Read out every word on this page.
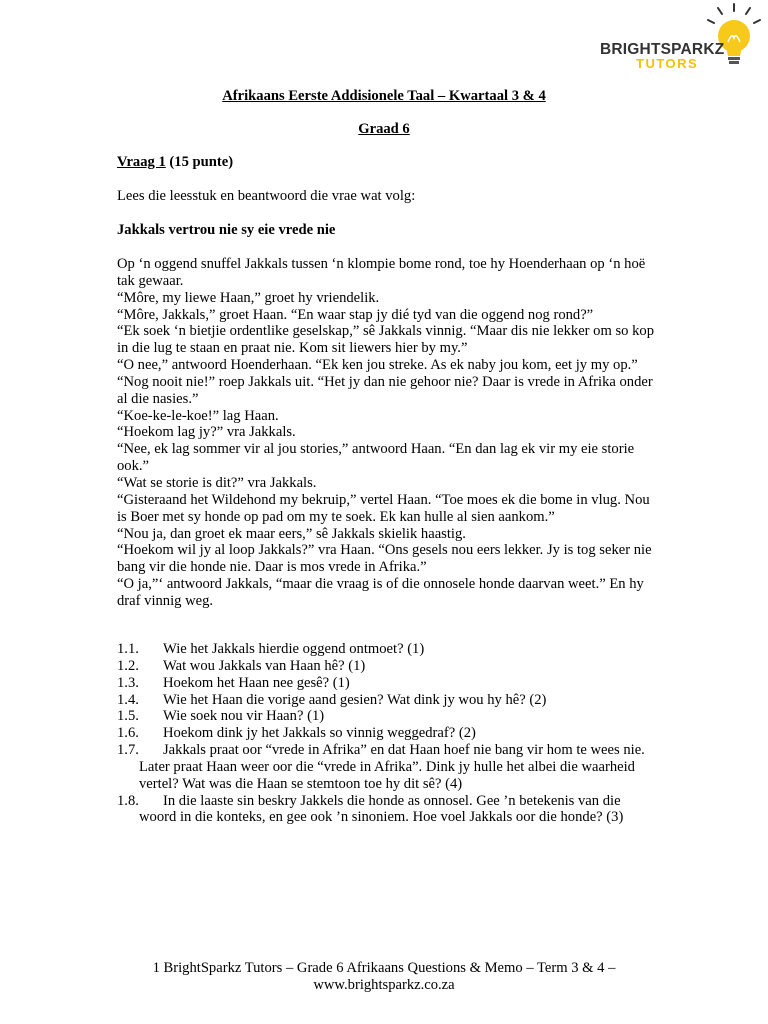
BRIGHTSPARKZ
TUTORS
Afrikaans Eerste Addisionele Taal – Kwartaal 3 & 4
Graad 6
Vraag 1 (15 punte)
Lees die leesstuk en beantwoord die vrae wat volg:
Jakkals vertrou nie sy eie vrede nie

Op ‘n oggend snuffel Jakkals tussen ‘n klompie bome rond, toe hy Hoenderhaan op ‘n hoë tak gewaar.

“Môre, my liewe Haan,” groet hy vriendelik.

“Môre, Jakkals,” groet Haan. “En waar stap jy dié tyd van die oggend nog rond?”

“Ek soek ‘n bietjie ordentlike geselskap,” sê Jakkals vinnig. “Maar dis nie lekker om so kop in die lug te staan en praat nie. Kom sit liewers hier by my.”

“O nee,” antwoord Hoenderhaan. “Ek ken jou streke. As ek naby jou kom, eet jy my op.”

“Nog nooit nie!” roep Jakkals uit. “Het jy dan nie gehoor nie? Daar is vrede in Afrika onder al die nasies.”

“Koe-ke-le-koe!” lag Haan.

“Hoekom lag jy?” vra Jakkals.

“Nee, ek lag sommer vir al jou stories,” antwoord Haan. “En dan lag ek vir my eie storie ook.”

“Wat se storie is dit?” vra Jakkals.

“Gisteraand het Wildehond my bekruip,” vertel Haan. “Toe moes ek die bome in vlug. Nou is Boer met sy honde op pad om my te soek. Ek kan hulle al sien aankom.”

“Nou ja, dan groet ek maar eers,” sê Jakkals skielik haastig.

“Hoekom wil jy al loop Jakkals?” vra Haan. “Ons gesels nou eers lekker. Jy is tog seker nie bang vir die honde nie. Daar is mos vrede in Afrika.”

“O ja,”‘ antwoord Jakkals, “maar die vraag is of die onnosele honde daarvan weet.” En hy draf vinnig weg.

1.1.	Wie het Jakkals hierdie oggend ontmoet? (1)
1.2.	Wat wou Jakkals van Haan hê? (1)
1.3.	Hoekom het Haan nee gesê? (1)
1.4.	Wie het Haan die vorige aand gesien? Wat dink jy wou hy hê? (2)
1.5.	Wie soek nou vir Haan? (1)
1.6.	Hoekom dink jy het Jakkals so vinnig weggedraf? (2)
1.7.	Jakkals praat oor “vrede in Afrika” en dat Haan hoef nie bang vir hom te wees nie. Later praat Haan weer oor die “vrede in Afrika”. Dink jy hulle het albei die waarheid vertel? Wat was die Haan se stemtoon toe hy dit sê? (4)
1.8.	In die laaste sin beskry Jakkels die honde as onnosel. Gee ’n betekenis van die woord in die konteks, en gee ook ’n sinoniem. Hoe voel Jakkals oor die honde? (3)
1 BrightSparkz Tutors – Grade 6 Afrikaans Questions & Memo – Term 3 & 4 –
www.brightsparkz.co.za
